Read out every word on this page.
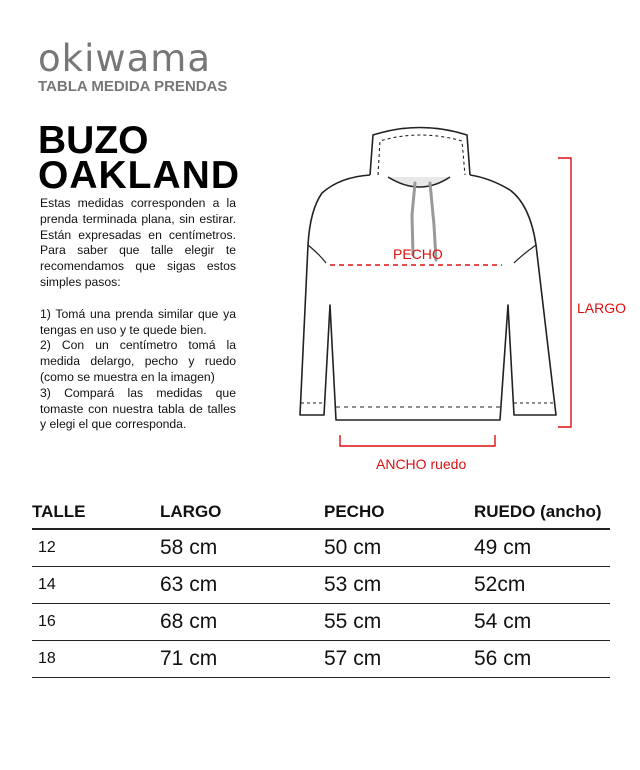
okiwama
TABLA MEDIDA PRENDAS
BUZO
OAKLAND

Estas medidas corresponden a la prenda terminada plana, sin estirar. Están expresadas en centímetros. Para saber que talle elegir te recomendamos que sigas estos simples pasos:

1) Tomá una prenda similar que ya tengas en uso y te quede bien.

2) Con un centímetro tomá la medida delargo, pecho y ruedo (como se muestra en la imagen)

3) Compará las medidas que tomaste con nuestra tabla de talles y elegi el que corresponda.

PECHO
LARGO
ANCHO ruedo
TALLE	LARGO	PECHO	RUEDO (ancho)
12	58 cm	50 cm	49 cm
14	63 cm	53 cm	52cm
16	68 cm	55 cm	54 cm
18	71 cm	57 cm	56 cm
